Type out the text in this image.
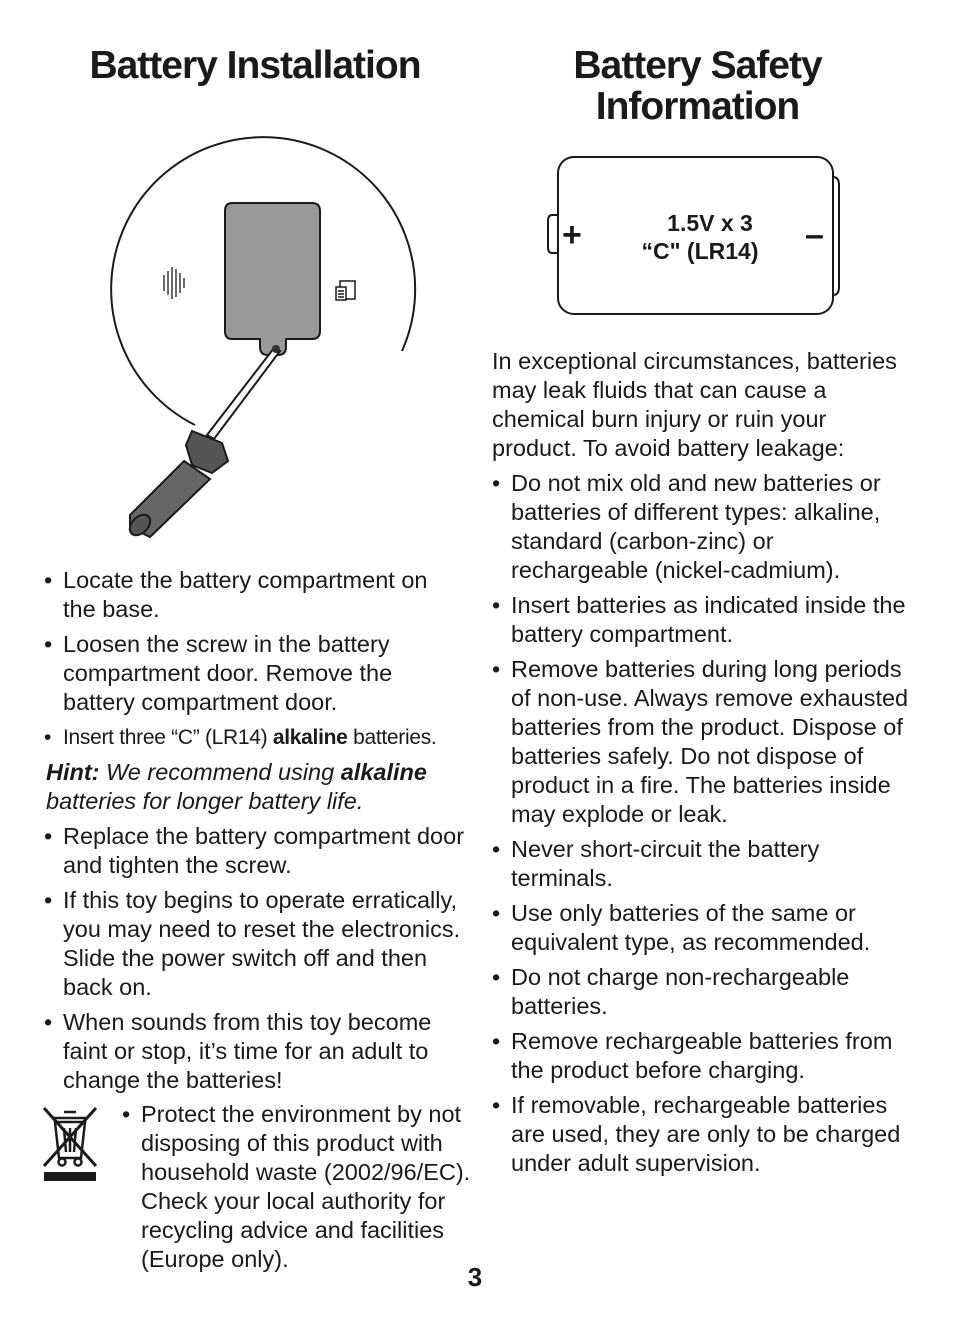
Battery Installation	Battery Safety
Information
+	–
1.5V x 3
“C" (LR14)
• Locate the battery compartment on the base.
• Loosen the screw in the battery compartment door. Remove the battery compartment door.
• Insert three “C” (LR14) alkaline batteries.

Hint: We recommend using alkaline batteries for longer battery life.

• Replace the battery compartment door and tighten the screw.
• If this toy begins to operate erratically, you may need to reset the electronics. Slide the power switch off and then back on.
• When sounds from this toy become faint or stop, it’s time for an adult to change the batteries!
• Protect the environment by not disposing of this product with household waste (2002/96/EC). Check your local authority for recycling advice and facilities (Europe only).

In exceptional circumstances, batteries may leak fluids that can cause a chemical burn injury or ruin your product. To avoid battery leakage:

• Do not mix old and new batteries or batteries of different types: alkaline, standard (carbon-zinc) or rechargeable (nickel-cadmium).
• Insert batteries as indicated inside the battery compartment.
• Remove batteries during long periods of non-use. Always remove exhausted batteries from the product. Dispose of batteries safely. Do not dispose of product in a fire. The batteries inside may explode or leak.
• Never short-circuit the battery terminals.
• Use only batteries of the same or equivalent type, as recommended.
• Do not charge non-rechargeable batteries.
• Remove rechargeable batteries from the product before charging.
• If removable, rechargeable batteries are used, they are only to be charged under adult supervision.
3
